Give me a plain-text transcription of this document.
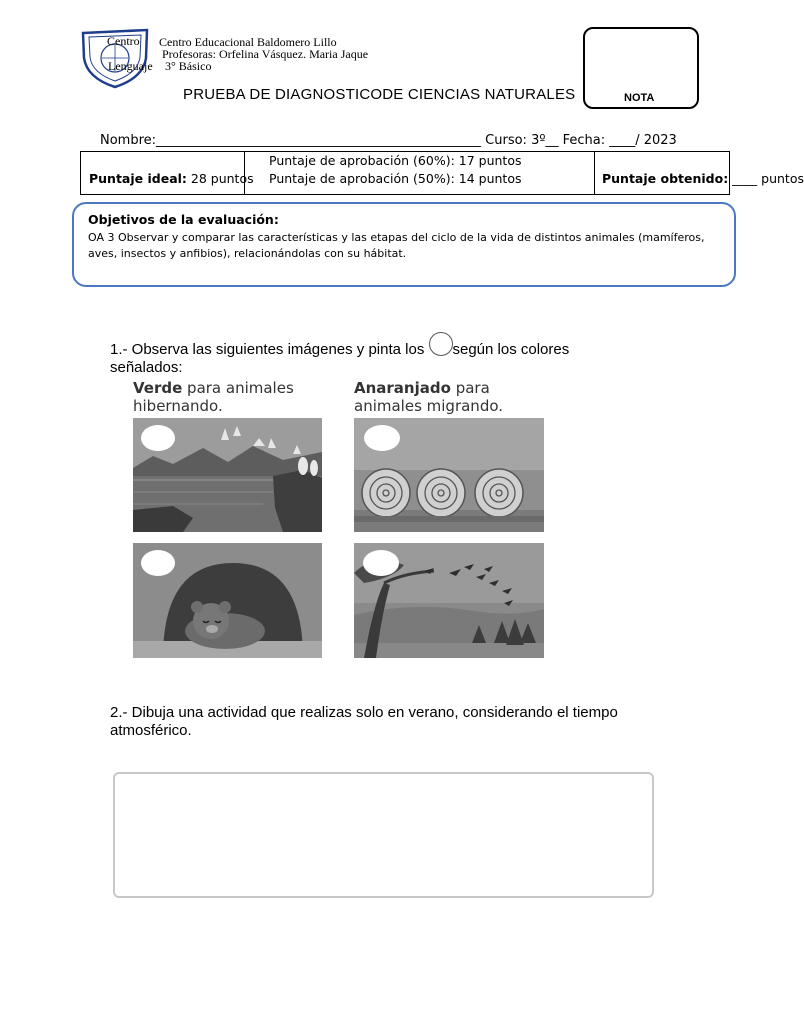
Centro
Lenguaje
Centro Educacional Baldomero Lillo
Profesoras: Orfelina Vásquez. Maria Jaque
3° Básico
PRUEBA DE DIAGNOSTICODE CIENCIAS NATURALES	NOTA
Nombre:__________________________________________________ Curso: 3º__ Fecha: ____/ 2023
Puntaje ideal: 28 puntos
Puntaje de aprobación (60%): 17 puntos
Puntaje de aprobación (50%): 14 puntos	Puntaje obtenido: ____ puntos
Objetivos de la evaluación:
OA 3 Observar y comparar las características y las etapas del ciclo de la vida de distintos animales (mamíferos, aves, insectos y anfibios), relacionándolas con su hábitat.
1.- Observa las siguientes imágenes y pinta los según los colores señalados:
Verde para animales
hibernando.
Anaranjado para
animales migrando.
2.- Dibuja una actividad que realizas solo en verano, considerando el tiempo atmosférico.
